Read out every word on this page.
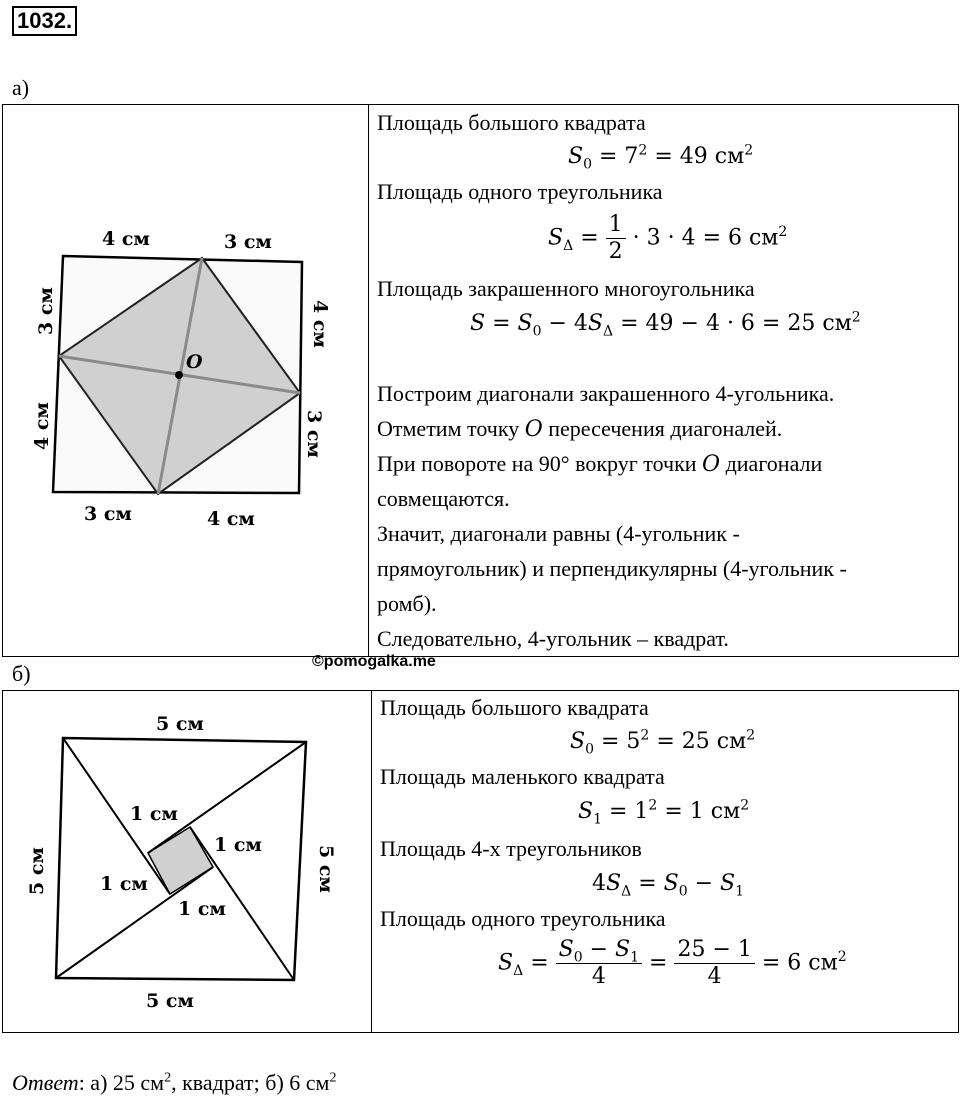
1032.
а)
O
4 см	3 см
4 см
3 см
4 см
3 см
3 см
4 см
Площадь большого квадрата
$S_0 = 7^2 = 49$ $см^2$
Площадь одного треугольника
$S_\Delta = \frac{1}{2} \cdot 3 \cdot 4 = 6$ $см^2$
Площадь закрашенного многоугольника
$S = S_0 - 4S_\Delta = 49 - 4 \cdot 6 = 25$ $см^2$
Построим диагонали закрашенного 4-угольника.
Отметим точку O пересечения диагоналей.
При повороте на 90° вокруг точки O диагонали
совмещаются.
Значит, диагонали равны (4-угольник -
прямоугольник) и перпендикулярны (4-угольник -
ромб).
Следовательно, 4-угольник – квадрат.
©pomogalka.me
б)
5 см
5 см
5 см
5 см
1 см
1 см
1 см
1 см
Площадь большого квадрата
$S_0 = 5^2 = 25$ $см^2$
Площадь маленького квадрата
$S_1 = 1^2 = 1$ $см^2$
Площадь 4-х треугольников
$4S_\Delta = S_0 - S_1$
Площадь одного треугольника
$S_\Delta = \frac{S_0 - S_1}{4} = \frac{25 - 1}{4} = 6$ $см^2$
Ответ: а) 25 $см^2$, квадрат; б) 6 $см^2$
